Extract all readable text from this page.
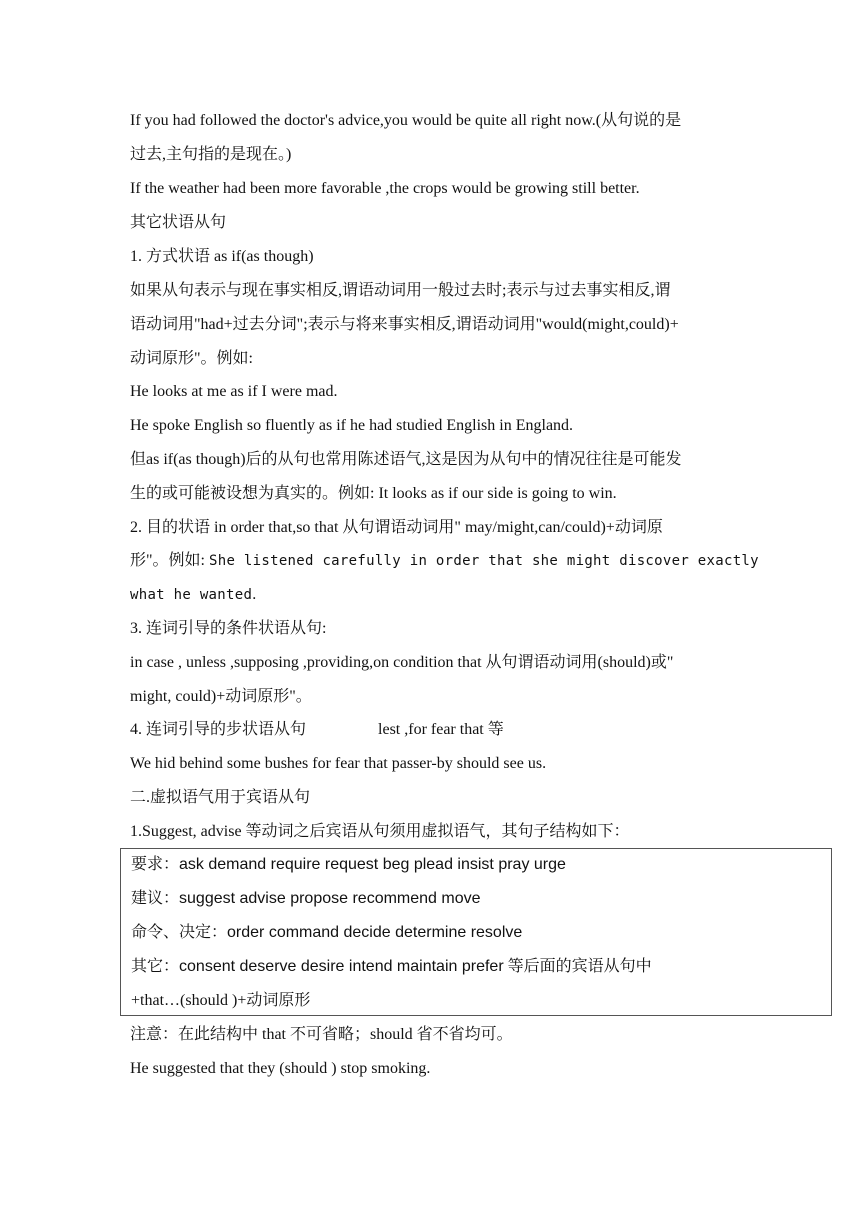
If you had followed the doctor's advice,you would be quite all right now.(从句说的是
过去,主句指的是现在。)
If the weather had been more favorable ,the crops would be growing still better.
其它状语从句
1. 方式状语 as if(as though)
如果从句表示与现在事实相反,谓语动词用一般过去时;表示与过去事实相反,谓
语动词用"had+过去分词";表示与将来事实相反,谓语动词用"would(might,could)+
动词原形"。例如:
He looks at me as if I were mad.
He spoke English so fluently as if he had studied English in England.
但as if(as though)后的从句也常用陈述语气,这是因为从句中的情况往往是可能发
生的或可能被设想为真实的。例如: It looks as if our side is going to win.
2. 目的状语 in order that,so that 从句谓语动词用" may/might,can/could)+动词原
形"。例如: She listened carefully in order that she might discover exactly
what he wanted.
3. 连词引导的条件状语从句:
in case , unless ,supposing ,providing,on condition that 从句谓语动词用(should)或"
might, could)+动词原形"。
4. 连词引导的步状语从句	lest ,for fear that 等
We hid behind some bushes for fear that passer-by should see us.
二.虚拟语气用于宾语从句
1.Suggest, advise 等动词之后宾语从句须用虚拟语气，其句子结构如下：
要求：ask demand require request beg plead insist pray urge
建议：suggest advise propose recommend move
命令、决定：order command decide determine resolve
其它：consent deserve desire intend maintain prefer 等后面的宾语从句中
+that…(should )+动词原形
注意：在此结构中 that 不可省略；should 省不省均可。
He suggested that they (should ) stop smoking.
